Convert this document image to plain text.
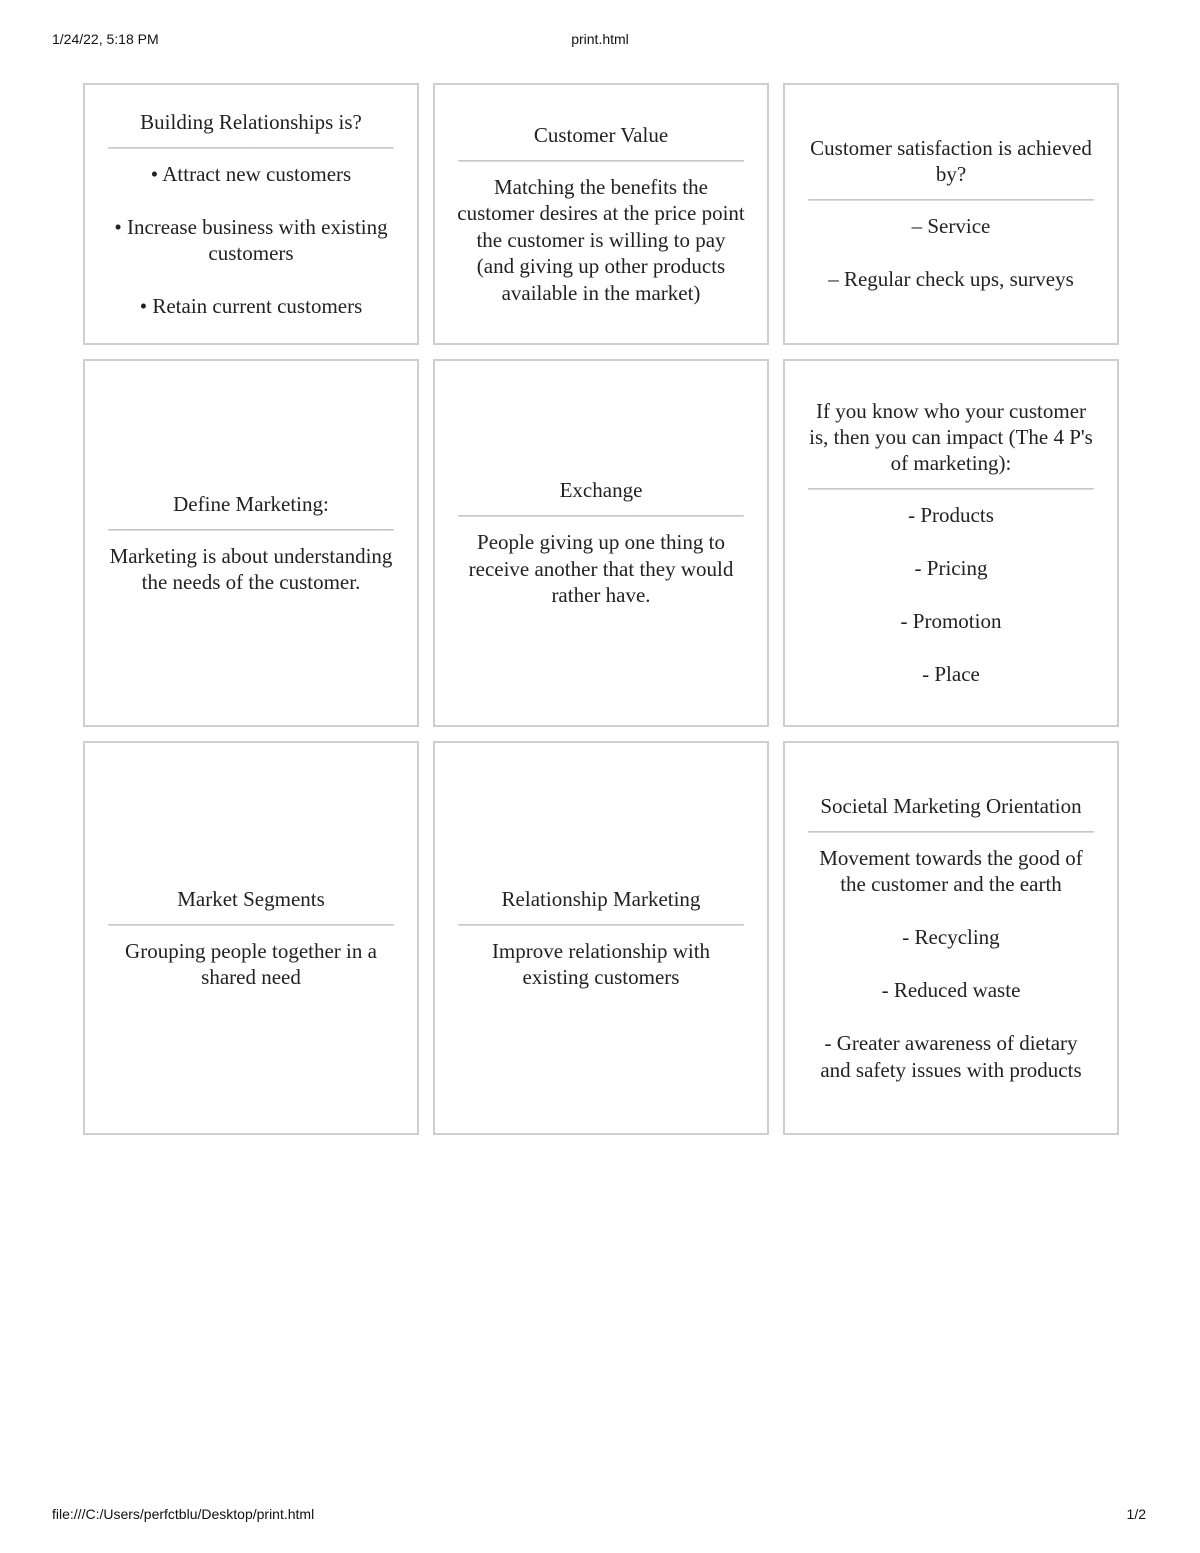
1/24/22, 5:18 PM	print.html
Building Relationships is?

• Attract new customers

• Increase business with existing customers

• Retain current customers

Customer Value

Matching the benefits the customer desires at the price point the customer is willing to pay (and giving up other products available in the market)

Customer satisfaction is achieved by?

– Service

– Regular check ups, surveys

Define Marketing:

Marketing is about understanding the needs of the customer.

Exchange

People giving up one thing to receive another that they would rather have.

If you know who your customer is, then you can impact (The 4 P's of marketing):

- Products

- Pricing

- Promotion

- Place

Market Segments

Grouping people together in a shared need

Relationship Marketing

Improve relationship with existing customers

Societal Marketing Orientation

Movement towards the good of the customer and the earth

- Recycling

- Reduced waste

- Greater awareness of dietary and safety issues with products

file:///C:/Users/perfctblu/Desktop/print.html	1/2
